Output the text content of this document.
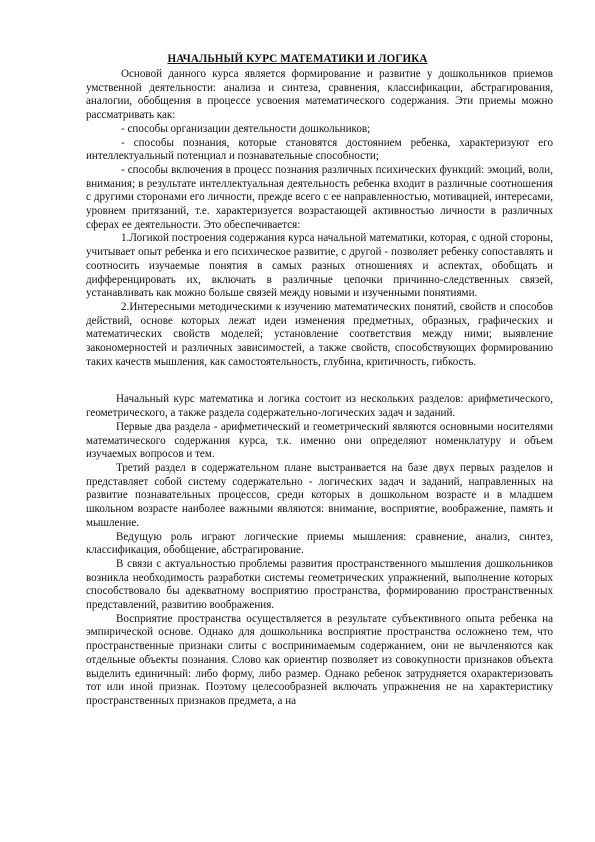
НАЧАЛЬНЫЙ КУРС МАТЕМАТИКИ И ЛОГИКА

Основой данного курса является формирование и развитие у дошкольников приемов умственной деятельности: анализа и синтеза, сравнения, классификации, абстрагирования, аналогии, обобщения в процессе усвоения математического содержания. Эти приемы можно рассматривать как:

- способы организации деятельности дошкольников;

- способы познания, которые становятся достоянием ребенка, характеризуют его интеллектуальный потенциал и познавательные способности;

- способы включения в процесс познания различных психических функций: эмоций, воли, внимания; в результате интеллектуальная деятельность ребенка входит в различные соотношения с другими сторонами его личности, прежде всего с ее направленностью, мотивацией, интересами, уровнем притязаний, т.е. характеризуется возрастающей активностью личности в различных сферах ее деятельности. Это обеспечивается:

1.Логикой построения содержания курса начальной математики, которая, с одной стороны, учитывает опыт ребенка и его психическое развитие, с другой - позволяет ребенку сопоставлять и соотносить изучаемые понятия в самых разных отношениях и аспектах, обобщать и дифференцировать их, включать в различные цепочки причинно-следственных связей, устанавливать как можно больше связей между новыми и изученными понятиями.

2.Интересными методическими к изучению математических понятий, свойств и способов действий, основе которых лежат идеи изменения предметных, образных, графических и математических свойств моделей; установление соответствия между ними; выявление закономерностей и различных зависимостей, а также свойств, способствующих формированию таких качеств мышления, как самостоятельность, глубина, критичность, гибкость.

Начальный курс математика и логика состоит из нескольких разделов: арифметического, геометрического, а также раздела содержательно-логических задач и заданий.

Первые два раздела - арифметический и геометрический являются основными носителями математического содержания курса, т.к. именно они определяют номенклатуру и объем изучаемых вопросов и тем.

Третий раздел в содержательном плане выстраивается на базе двух первых разделов и представляет собой систему содержательно - логических задач и заданий, направленных на развитие познавательных процессов, среди которых в дошкольном возрасте и в младшем школьном возрасте наиболее важными являются: внимание, восприятие, воображение, память и мышление.

Ведущую роль играют логические приемы мышления: сравнение, анализ, синтез, классификация, обобщение, абстрагирование.

В связи с актуальностью проблемы развития пространственного мышления дошкольников возникла необходимость разработки системы геометрических упражнений, выполнение которых способствовало бы адекватному восприятию пространства, формированию пространственных представлений, развитию воображения.

Восприятие пространства осуществляется в результате субъективного опыта ребенка на эмпирической основе. Однако для дошкольника восприятие пространства осложнено тем, что пространственные признаки слиты с воспринимаемым содержанием, они не вычленяются как отдельные объекты познания. Слово как ориентир позволяет из совокупности признаков объекта выделить единичный: либо форму, либо размер. Однако ребенок затрудняется охарактеризовать тот или иной признак. Поэтому целесообразней включать упражнения не на характеристику пространственных признаков предмета, а на
